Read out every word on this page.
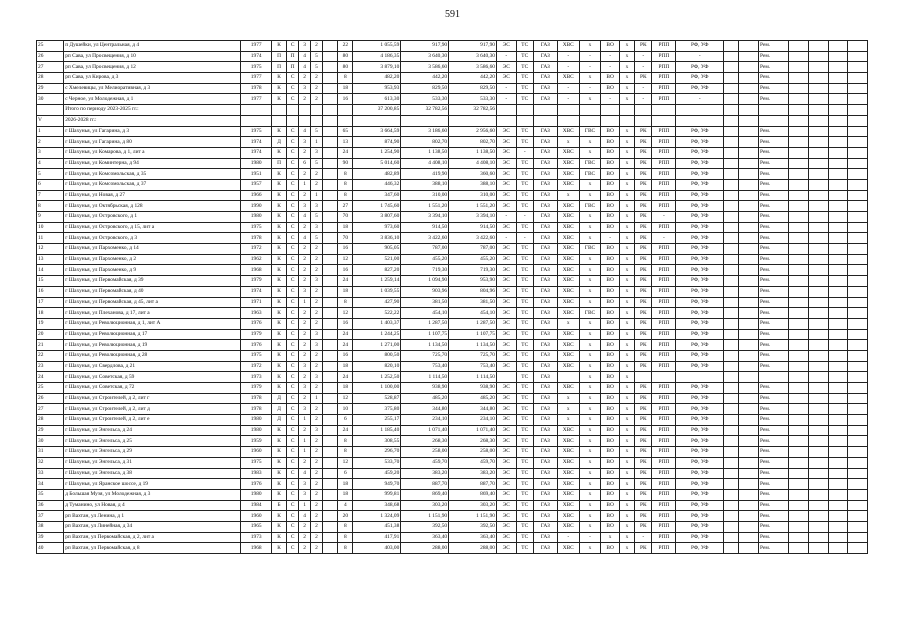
591
25	п Душейки, ул Центральная, д 4	1977	К	С	3	2		22	1 055,59	917,90	917,90	ЭС	ТС	ГАЗ	ХВС	х	ВО	х	РК	РПП	РФ, УФ			Рем.				
26	рп Сава, ул Просвещения, д 10	1974	П	П	4	5		80	4 186,35	3 640,30	3 640,30	-	ТС	ГАЗ	-	-	-	х	-	РПП	-			Рем.				
27	рп Сава, ул Просвещения, д 12	1975	П	П	4	5		80	3 879,10	3 586,60	3 586,60	ЭС	ТС	ГАЗ	-	-	-	х	-	РПП	РФ, УФ			Рем.				
28	рп Сава, ул Кирова, д 3	1977	К	С	2	2		8	482,20	442,20	442,20	ЭС	ТС	ГАЗ	ХВС	х	ВО	х	РК	РПП	РФ, УФ			Рем.				
29	с Хмелевицы, ул Мелиоративная, д 3	1978	К	С	3	2		18	953,93	829,50	829,50	-	ТС	ГАЗ	-	-	ВО	х	-	РПП	РФ, УФ			Рем.				
30	с Черное, ул Молодежная, д 1	1977	К	С	2	2		16	613,30	533,30	533,30	-	ТС	ГАЗ	-	х	-	х	-	РПП	-			Рем.				
	Итого по периоду 2023-2025 гг.:								37 200,85	32 782,56	32 782,56																	
V	2026-2028 гг.:																											
1	г Шахунья, ул Гагарина, д 3	1975	К	С	4	5		65	3 664,59	3 186,60	2 956,60	ЭС	ТС	ГАЗ	ХВС	ГВС	ВО	х	РК	РПП	РФ, УФ			Рем.				
2	г Шахунья, ул Гагарина, д 80	1974	Д	С	3	1		13	874,90	802,70	802,70	ЭС	ТС	ГАЗ	х	х	ВО	х	РК	РПП	РФ, УФ			Рем.				
3	г Шахунья, ул Комарова, д 1, лит а	1974	К	С	2	3		24	1 254,90	1 138,50	1 138,50	ЭС	-	ГАЗ	ХВС	х	ВО	х	РК	РПП	РФ, УФ			Рем.				
4	г Шахунья, ул Коминтерна, д 94	1980	П	С	6	5		90	5 014,60	4 408,10	4 408,10	ЭС	ТС	ГАЗ	ХВС	ГВС	ВО	х	РК	РПП	РФ, УФ			Рем.				
5	г Шахунья, ул Комсомольская, д 35	1951	К	С	2	2		8	482,89	419,90	360,60	ЭС	ТС	ГАЗ	ХВС	ГВС	ВО	х	РК	РПП	РФ, УФ			Рем.				
6	г Шахунья, ул Комсомольская, д 37	1957	К	С	1	2		8	446,32	388,10	388,10	ЭС	ТС	ГАЗ	ХВС	х	ВО	х	РК	РПП	РФ, УФ			Рем.				
7	г Шахунья, ул Новая, д 27	1966	К	С	2	1		8	347,60	310,00	310,00	ЭС	ТС	ГАЗ	х	х	ВО	х	РК	РПП	РФ, УФ			Рем.				
8	г Шахунья, ул Октябрьская, д 128	1990	К	С	3	3		27	1 745,60	1 551,20	1 551,20	ЭС	ТС	ГАЗ	ХВС	ГВС	ВО	х	РК	РПП	РФ, УФ			Рем.				
9	г Шахунья, ул Островского, д 1	1980	К	С	4	5		70	3 807,60	3 394,10	3 394,10	-	-	ГАЗ	ХВС	х	ВО	х	РК	-	РФ, УФ			Рем.				
10	г Шахунья, ул Островского, д 15, лит а	1975	К	С	2	3		18	973,60	914,50	914,50	ЭС	ТС	ГАЗ	ХВС	х	ВО	х	РК	РПП	РФ, УФ			Рем.				
11	г Шахунья, ул Островского, д 3	1978	К	С	4	5		70	3 836,10	3 422,60	3 422,60	-	-	ГАЗ	ХВС	х	-	х	РК	-	РФ, УФ			Рем.				
12	г Шахунья, ул Пархоменко, д 14	1972	К	С	2	2		16	905,05	787,00	787,00	ЭС	ТС	ГАЗ	ХВС	ГВС	ВО	х	РК	РПП	РФ, УФ			Рем.				
13	г Шахунья, ул Пархоменко, д 2	1962	К	С	2	2		12	521,00	455,20	455,20	ЭС	ТС	ГАЗ	ХВС	х	ВО	х	РК	РПП	РФ, УФ			Рем.				
14	г Шахунья, ул Пархоменко, д 9	1968	К	С	2	2		16	827,20	719,30	719,30	ЭС	ТС	ГАЗ	ХВС	х	ВО	х	РК	РПП	РФ, УФ			Рем.				
15	г Шахунья, ул Первомайская, д 39	1979	К	С	2	3		24	1 259,14	1 094,90	953,90	ЭС	ТС	ГАЗ	ХВС	х	ВО	х	РК	РПП	РФ, УФ			Рем.				
16	г Шахунья, ул Первомайская, д 40	1974	К	С	3	2		18	1 039,55	903,96	804,96	ЭС	ТС	ГАЗ	ХВС	х	ВО	х	РК	РПП	РФ, УФ			Рем.				
17	г Шахунья, ул Первомайская, д 45, лит а	1971	К	С	1	2		8	427,90	381,50	381,50	ЭС	ТС	ГАЗ	ХВС	х	ВО	х	РК	РПП	РФ, УФ			Рем.				
18	г Шахунья, ул Плеханова, д 17, лит а	1963	К	С	2	2		12	522,22	454,10	454,10	ЭС	ТС	ГАЗ	ХВС	ГВС	ВО	х	РК	РПП	РФ, УФ			Рем.				
19	г Шахунья, ул Революционная, д 1, лит А	1976	К	С	2	2		16	1 403,37	1 287,50	1 287,50	ЭС	ТС	ГАЗ	х	х	ВО	х	РК	РПП	РФ, УФ			Рем.				
20	г Шахунья, ул Революционная, д 17	1979	К	С	2	3		24	1 244,25	1 107,75	1 107,75	ЭС	ТС	ГАЗ	ХВС	х	ВО	х	РК	РПП	РФ, УФ			Рем.				
21	г Шахунья, ул Революционная, д 19	1976	К	С	2	3		24	1 271,00	1 134,50	1 134,50	ЭС	ТС	ГАЗ	ХВС	х	ВО	х	РК	РПП	РФ, УФ			Рем.				
22	г Шахунья, ул Революционная, д 28	1975	К	С	2	2		16	800,50	725,70	725,70	ЭС	ТС	ГАЗ	ХВС	х	ВО	х	РК	РПП	РФ, УФ			Рем.				
23	г Шахунья, ул Свердлова, д 21	1972	К	С	3	2		18	820,10	753,40	753,40	ЭС	ТС	ГАЗ	ХВС	х	ВО	х	РК	РПП	РФ, УФ			Рем.				
24	г Шахунья, ул Советская, д 59	1973	К	С	2	3		24	1 252,50	1 114,50	1 114,50		ТС	ГАЗ		х	ВО	х										
25	г Шахунья, ул Советская, д 72	1979	К	С	3	2		18	1 100,00	938,90	938,90	ЭС	ТС	ГАЗ	ХВС	х	ВО	х	РК	РПП	РФ, УФ			Рем.				
26	г Шахунья, ул Строителей, д 2, лит г	1978	Д	С	2	1		12	528,87	485,20	485,20	ЭС	ТС	ГАЗ	х	х	ВО	х	РК	РПП	РФ, УФ			Рем.				
27	г Шахунья, ул Строителей, д 2, лит д	1978	Д	С	3	2		10	375,80	344,80	344,80	ЭС	ТС	ГАЗ	х	х	ВО	х	РК	РПП	РФ, УФ			Рем.				
28	г Шахунья, ул Строителей, д 2, лит е	1980	Д	С	1	2		6	255,17	234,10	234,10	ЭС	ТС	ГАЗ	х	х	ВО	х	РК	РПП	РФ, УФ			Рем.				
29	г Шахунья, ул Энгельса, д 24	1980	К	С	2	3		24	1 185,40	1 071,40	1 071,40	ЭС	ТС	ГАЗ	ХВС	х	ВО	х	РК	РПП	РФ, УФ			Рем.				
30	г Шахунья, ул Энгельса, д 25	1959	К	С	1	2		8	308,55	268,30	268,30	ЭС	ТС	ГАЗ	ХВС	х	ВО	х	РК	РПП	РФ, УФ			Рем.				
31	г Шахунья, ул Энгельса, д 29	1960	К	С	1	2		8	296,70	258,00	258,00	ЭС	ТС	ГАЗ	ХВС	х	ВО	х	РК	РПП	РФ, УФ			Рем.				
32	г Шахунья, ул Энгельса, д 31	1975	К	С	2	2		12	533,70	459,70	459,70	ЭС	ТС	ГАЗ	ХВС	х	ВО	х	РК	РПП	РФ, УФ			Рем.				
33	г Шахунья, ул Энгельса, д 38	1983	К	С	4	2		6	459,20	383,20	383,20	ЭС	ТС	ГАЗ	ХВС	х	ВО	х	РК	РПП	РФ, УФ			Рем.				
34	г Шахунья, ул Яранское шоссе, д 19	1976	К	С	3	2		18	949,70	887,70	887,70	ЭС	ТС	ГАЗ	ХВС	х	ВО	х	РК	РПП	РФ, УФ			Рем.				
35	д Большая Музя, ул Молодежная, д 3	1980	К	С	3	2		18	999,81	869,40	869,40	ЭС	ТС	ГАЗ	ХВС	х	ВО	х	РК	РПП	РФ, УФ			Рем.				
36	д Туманино, ул Новая, д 4	1984	Б	С	1	2		4	348,68	303,20	303,20	ЭС	ТС	ГАЗ	ХВС	х	ВО	х	РК	РПП	РФ, УФ			Рем.				
37	рп Вахтан, ул Ленина, д 1	1960	К	С	4	2		20	1 324,09	1 151,90	1 151,90	ЭС	ТС	ГАЗ	ХВС	х	ВО	х	РК	РПП	РФ, УФ			Рем.				
38	рп Вахтан, ул Линейная, д 34	1965	К	С	2	2		8	451,38	392,50	392,50	ЭС	ТС	ГАЗ	ХВС	х	ВО	х	РК	РПП	РФ, УФ			Рем.				
39	рп Вахтан, ул Первомайская, д 2, лит а	1973	К	С	2	2		8	417,91	363,40	363,40	ЭС	ТС	ГАЗ	-	-	х	х	-	РПП	РФ, УФ			Рем.				
40	рп Вахтан, ул Первомайская, д 8	1968	К	С	2	2		8	403,00	288,00	288,00	ЭС	ТС	ГАЗ	ХВС	х	ВО	х	РК	РПП	РФ, УФ			Рем.				
